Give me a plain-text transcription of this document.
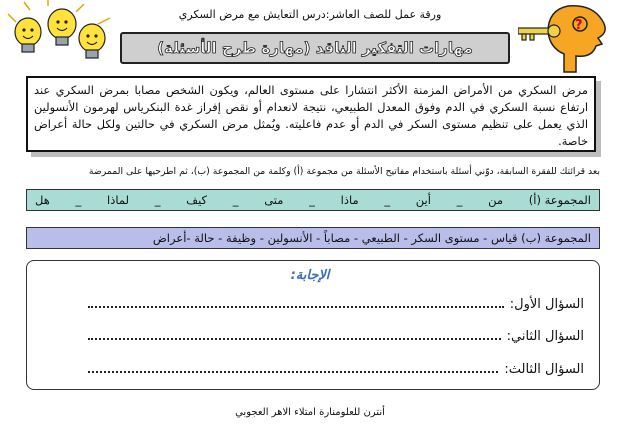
ورقة عمل للصف العاشر:درس التعايش مع مرض السكري
?
مهارات التفكير الناقد (مهارة طرح الأسئلة)
مرض السكري من الأمراض المزمنة الأكثر انتشارا على مستوى العالم، ويكون الشخص مصابا بمرض السكري عند ارتفاع نسبة السكري في الدم وفوق المعدل الطبيعي، نتيجة لانعدام أو نقص إفراز غدة البنكرياس لهرمون الأنسولين الذي يعمل على تنظيم مستوى السكر في الدم أو عدم فاعليته. ويُمثل مرض السكري في حالتين ولكل حالة أعراض خاصة.
بعد قرائتك للفقرة السابقة، دوّني أسئلة باستخدام مفاتيح الأسئلة من مجموعة (أ) وكلمة من المجموعة (ب)، ثم اطرحيها على الممرضة
المجموعة (أ)
من
_
أين
_
ماذا
_
متى
_
كيف
_
لماذا
_
هل
المجموعة (ب) قياس - مستوى السكر - الطبيعي - مصاباً - الأنسولين - وظيفة - حالة -أعراض
الإجابة:
السؤال الأول:
السؤال الثاني:
السؤال الثالث:
أنترن للعلومنارة امتلاء الاهر العجوبي
